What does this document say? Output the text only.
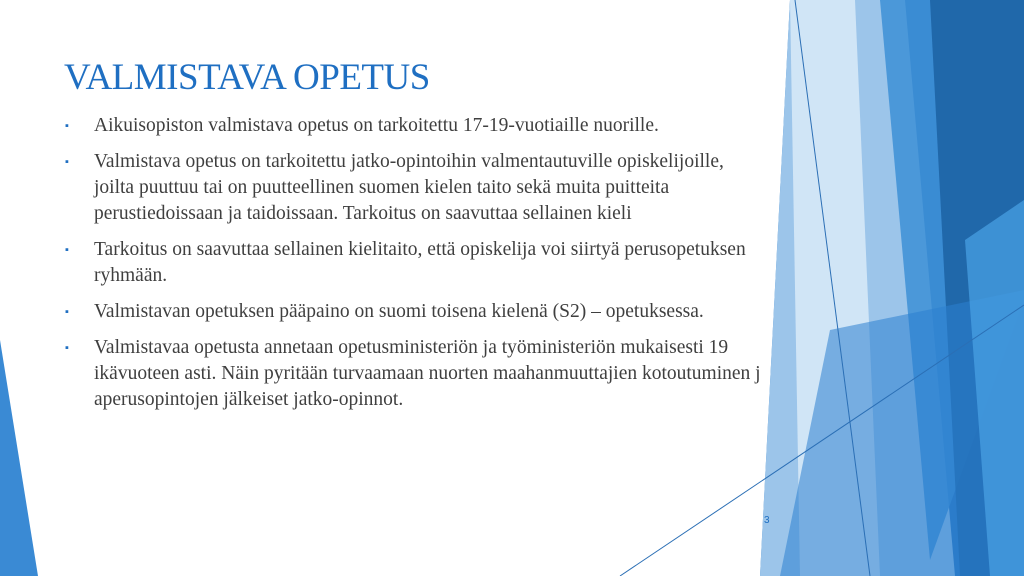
VALMISTAVA OPETUS

▪ Aikuisopiston valmistava opetus on tarkoitettu 17-19-vuotiaille nuorille.

▪ Valmistava opetus on tarkoitettu jatko-opintoihin valmentautuville opiskelijoille, joilta puuttuu tai on puutteellinen suomen kielen taito sekä muita puitteita perustiedoissaan ja taidoissaan. Tarkoitus on saavuttaa sellainen kieli

▪ Tarkoitus on saavuttaa sellainen kielitaito, että opiskelija voi siirtyä perusopetuksen ryhmään.

▪ Valmistavan opetuksen pääpaino on suomi toisena kielenä (S2) – opetuksessa.

▪ Valmistavaa opetusta annetaan opetusministeriön ja työministeriön mukaisesti 19 ikävuoteen asti. Näin pyritään turvaamaan nuorten maahanmuuttajien kotoutuminen j aperusopintojen jälkeiset jatko-opinnot.

3
